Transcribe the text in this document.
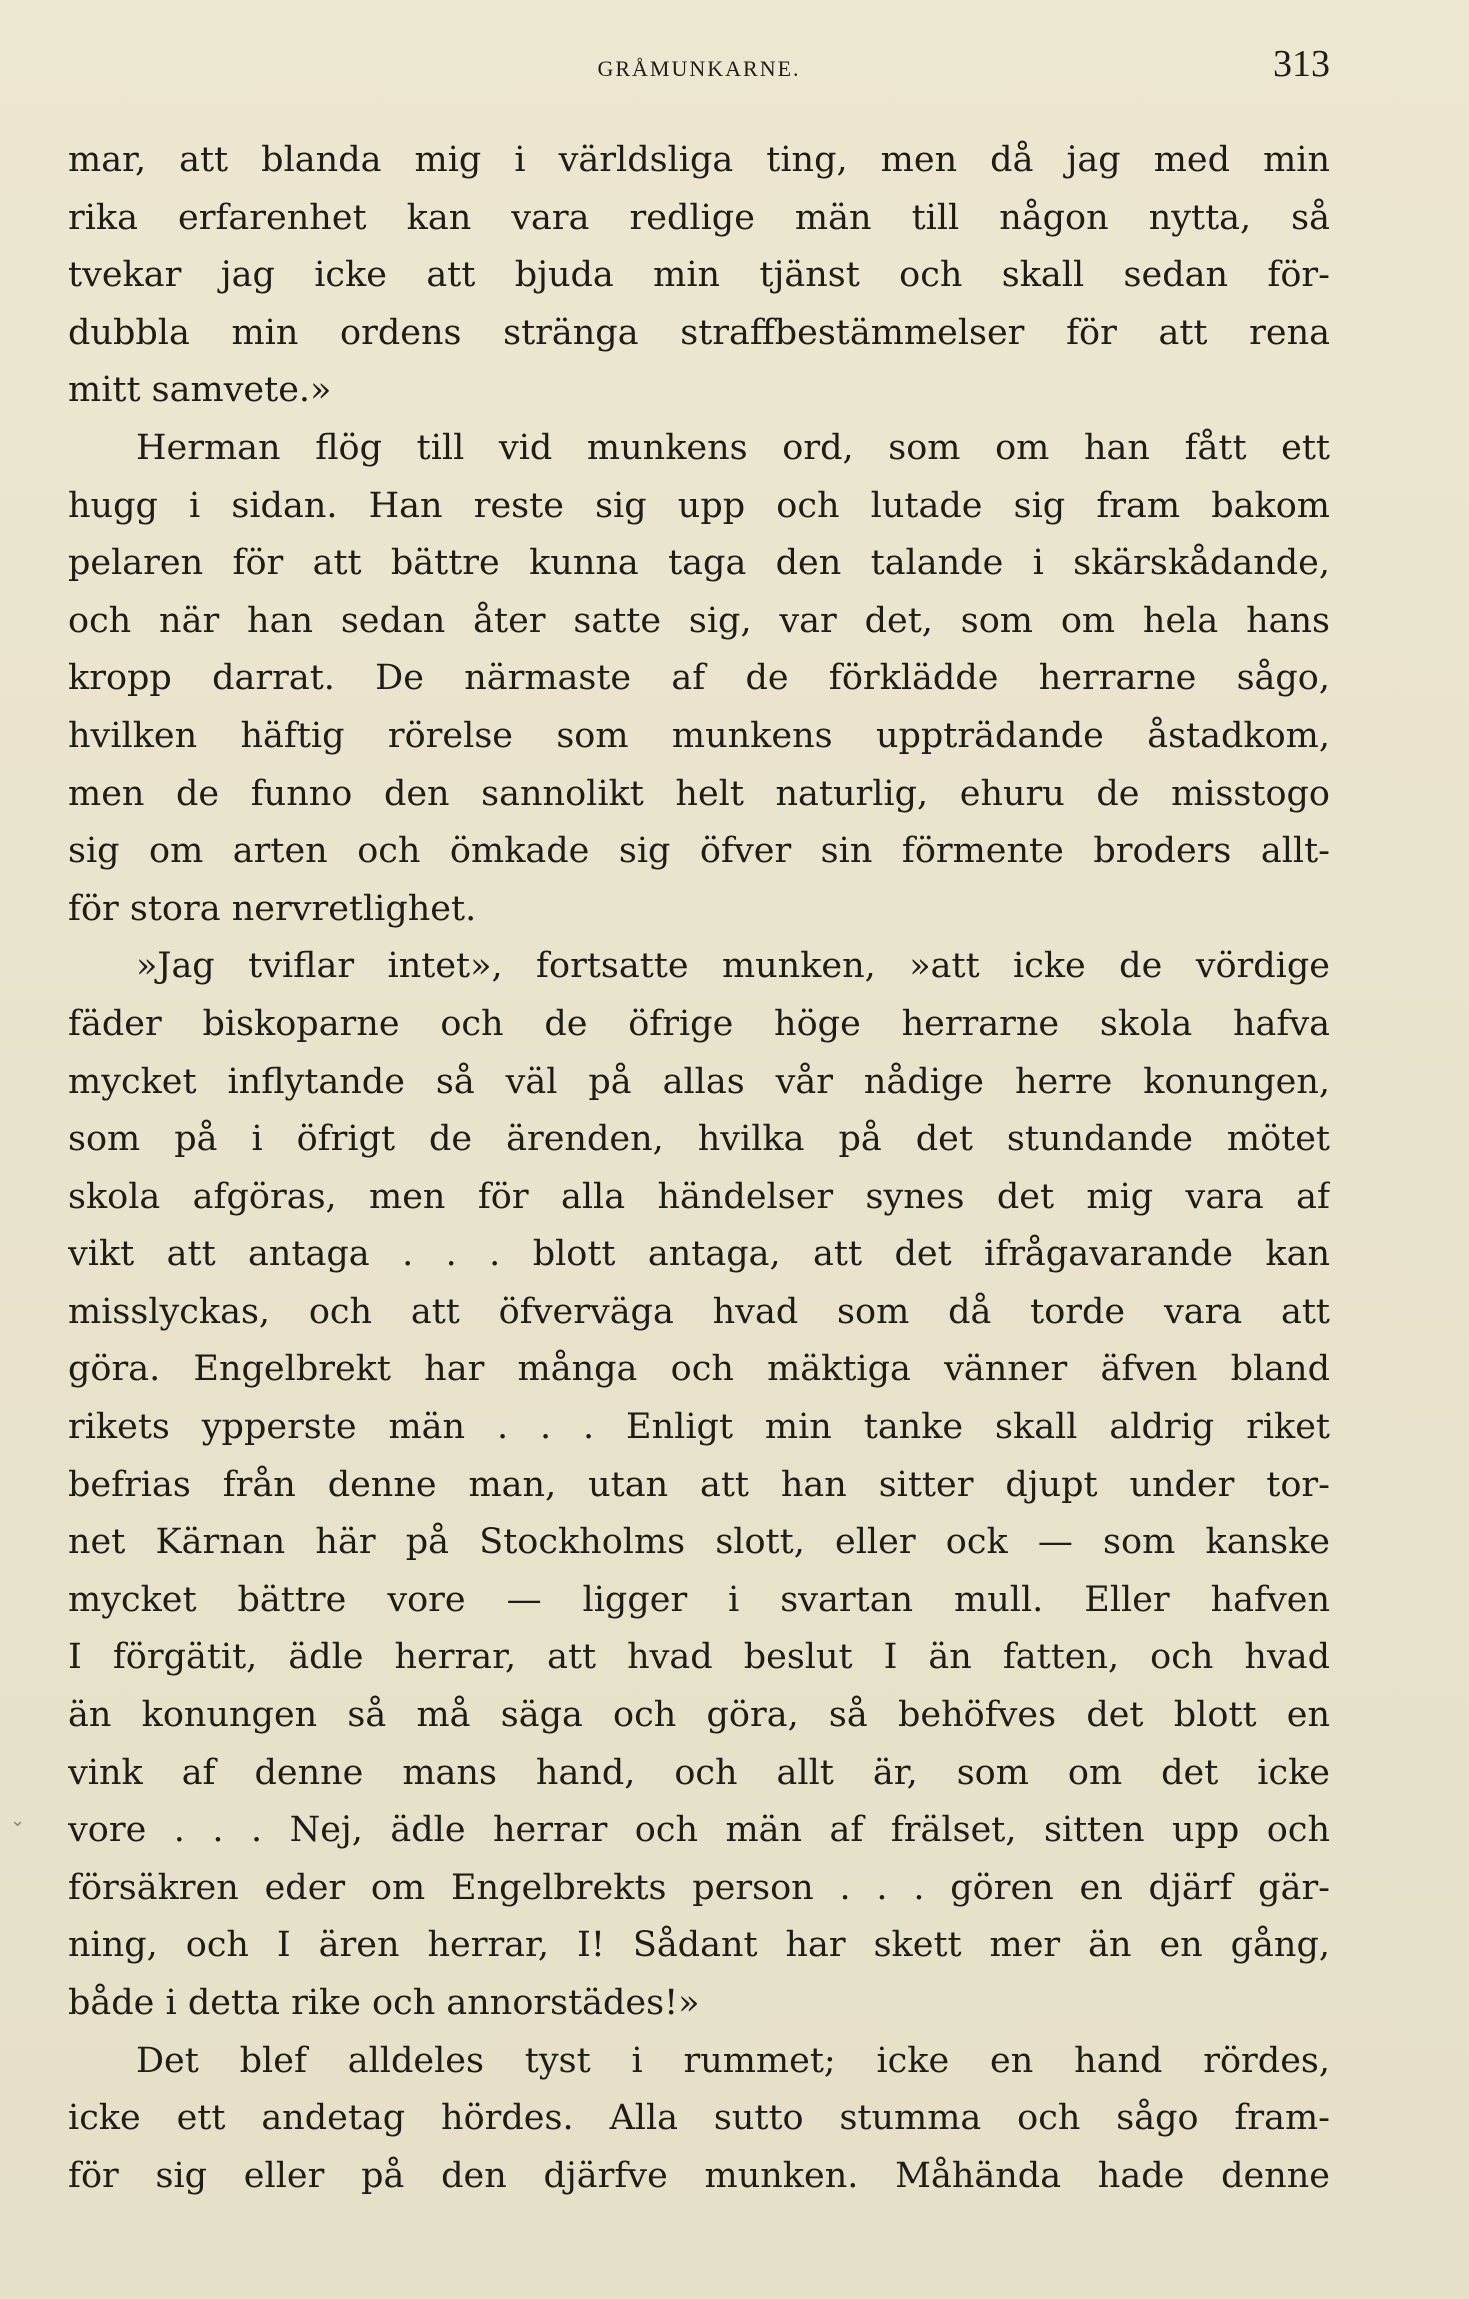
GRÅMUNKARNE.	313
mar, att blanda mig i världsliga ting, men då jag med min
rika erfarenhet kan vara redlige män till någon nytta, så
tvekar jag icke att bjuda min tjänst och skall sedan för-
dubbla min ordens stränga straffbestämmelser för att rena
mitt samvete.»
Herman flög till vid munkens ord, som om han fått ett
hugg i sidan. Han reste sig upp och lutade sig fram bakom
pelaren för att bättre kunna taga den talande i skärskådande,
och när han sedan åter satte sig, var det, som om hela hans
kropp darrat. De närmaste af de förklädde herrarne sågo,
hvilken häftig rörelse som munkens uppträdande åstadkom,
men de funno den sannolikt helt naturlig, ehuru de misstogo
sig om arten och ömkade sig öfver sin förmente broders allt-
för stora nervretlighet.
»Jag tviflar intet», fortsatte munken, »att icke de vördige
fäder biskoparne och de öfrige höge herrarne skola hafva
mycket inflytande så väl på allas vår nådige herre konungen,
som på i öfrigt de ärenden, hvilka på det stundande mötet
skola afgöras, men för alla händelser synes det mig vara af
vikt att antaga . . . blott antaga, att det ifrågavarande kan
misslyckas, och att öfverväga hvad som då torde vara att
göra. Engelbrekt har många och mäktiga vänner äfven bland
rikets ypperste män . . . Enligt min tanke skall aldrig riket
befrias från denne man, utan att han sitter djupt under tor-
net Kärnan här på Stockholms slott, eller ock — som kanske
mycket bättre vore — ligger i svartan mull. Eller hafven
I förgätit, ädle herrar, att hvad beslut I än fatten, och hvad
än konungen så må säga och göra, så behöfves det blott en
vink af denne mans hand, och allt är, som om det icke
vore . . . Nej, ädle herrar och män af frälset, sitten upp och
försäkren eder om Engelbrekts person . . . gören en djärf gär-
ning, och I ären herrar, I! Sådant har skett mer än en gång,
både i detta rike och annorstädes!»
Det blef alldeles tyst i rummet; icke en hand rördes,
icke ett andetag hördes. Alla sutto stumma och sågo fram-
för sig eller på den djärfve munken. Måhända hade denne
⌄
